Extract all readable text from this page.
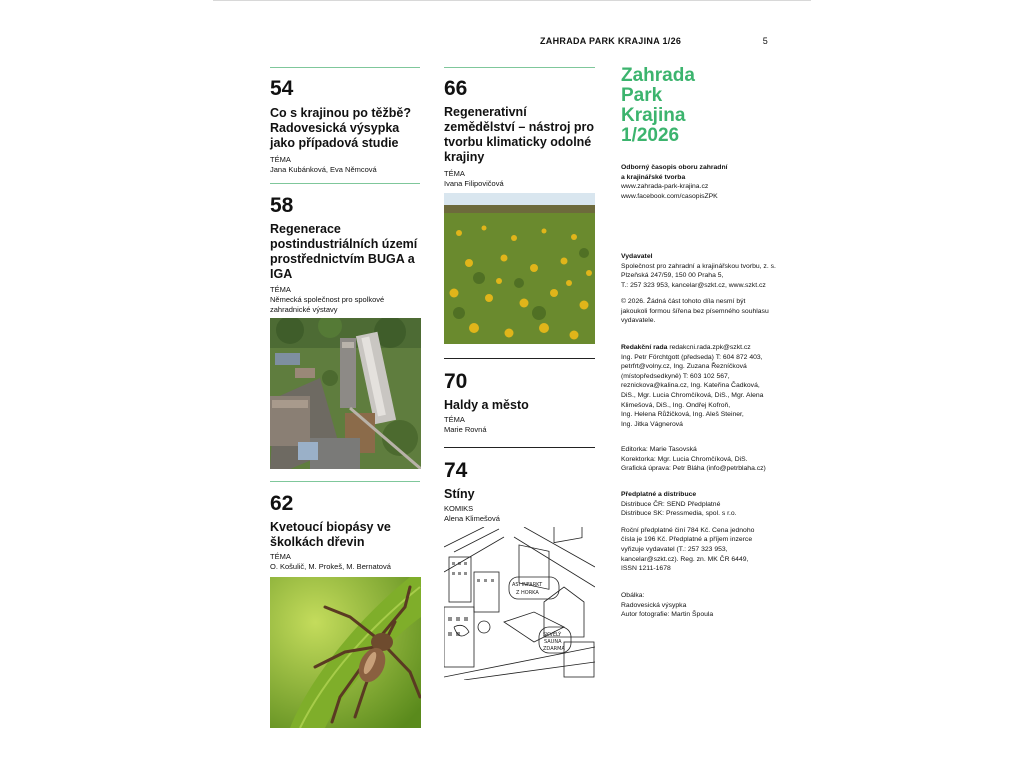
ZAHRADA PARK KRAJINA 1/26	5
54
Co s krajinou po těžbě? Radovesická výsypka jako případová studie
TÉMA
Jana Kubánková, Eva Němcová
58
Regenerace postindustriálních území prostřednictvím BUGA a IGA
TÉMA
Německá společnost pro spolkové zahradnické výstavy
62
Kvetoucí biopásy ve školkách dřevin
TÉMA
O. Košulič, M. Prokeš, M. Bernatová
66
Regenerativní zemědělství – nástroj pro tvorbu klimaticky odolné krajiny
TÉMA
Ivana Filipovičová
70
Haldy a město
TÉMA
Marie Rovná
74
Stíny
KOMIKS
Alena Klimešová
ASI INFARKT
Z HORKA
SKVĚLÝ
SAUNA
ZDARMA
Zahrada
Park
Krajina
1/2026
Odborný časopis oboru zahradní
a krajinářské tvorba
www.zahrada-park-krajina.cz
www.facebook.com/casopisZPK
Vydavatel
Společnost pro zahradní a krajinářskou tvorbu, z. s.
Plzeňská 247/59, 150 00 Praha 5,
T.: 257 323 953, kancelar@szkt.cz, www.szkt.cz
© 2026. Žádná část tohoto díla nesmí být
jakoukoli formou šířena bez písemného souhlasu
vydavatele.
Redakční rada redakcni.rada.zpk@szkt.cz
Ing. Petr Förchtgott (předseda) T: 604 872 403,
petrfrt@volny.cz, Ing. Zuzana Řezníčková
(místopředsedkyně) T: 603 102 567,
reznickova@kalina.cz, Ing. Kateřina Čadková,
DiS., Mgr. Lucia Chromčíková, DiS., Mgr. Alena
Klimešová, DiS., Ing. Ondřej Kofroň,
Ing. Helena Růžičková, Ing. Aleš Steiner,
Ing. Jitka Vágnerová
Editorka: Marie Tasovská
Korektorka: Mgr. Lucia Chromčíková, DiS.
Grafická úprava: Petr Bláha (info@petrblaha.cz)
Předplatné a distribuce
Distribuce ČR: SEND Předplatné
Distribuce SK: Pressmedia, spol. s r.o.
Roční předplatné činí 784 Kč. Cena jednoho
čísla je 196 Kč. Předplatné a příjem inzerce
vyřizuje vydavatel (T.: 257 323 953,
kancelar@szkt.cz). Reg. zn. MK ČR 6449,
ISSN 1211-1678
Obálka:
Radovesická výsypka
Autor fotografie: Martin Špoula
